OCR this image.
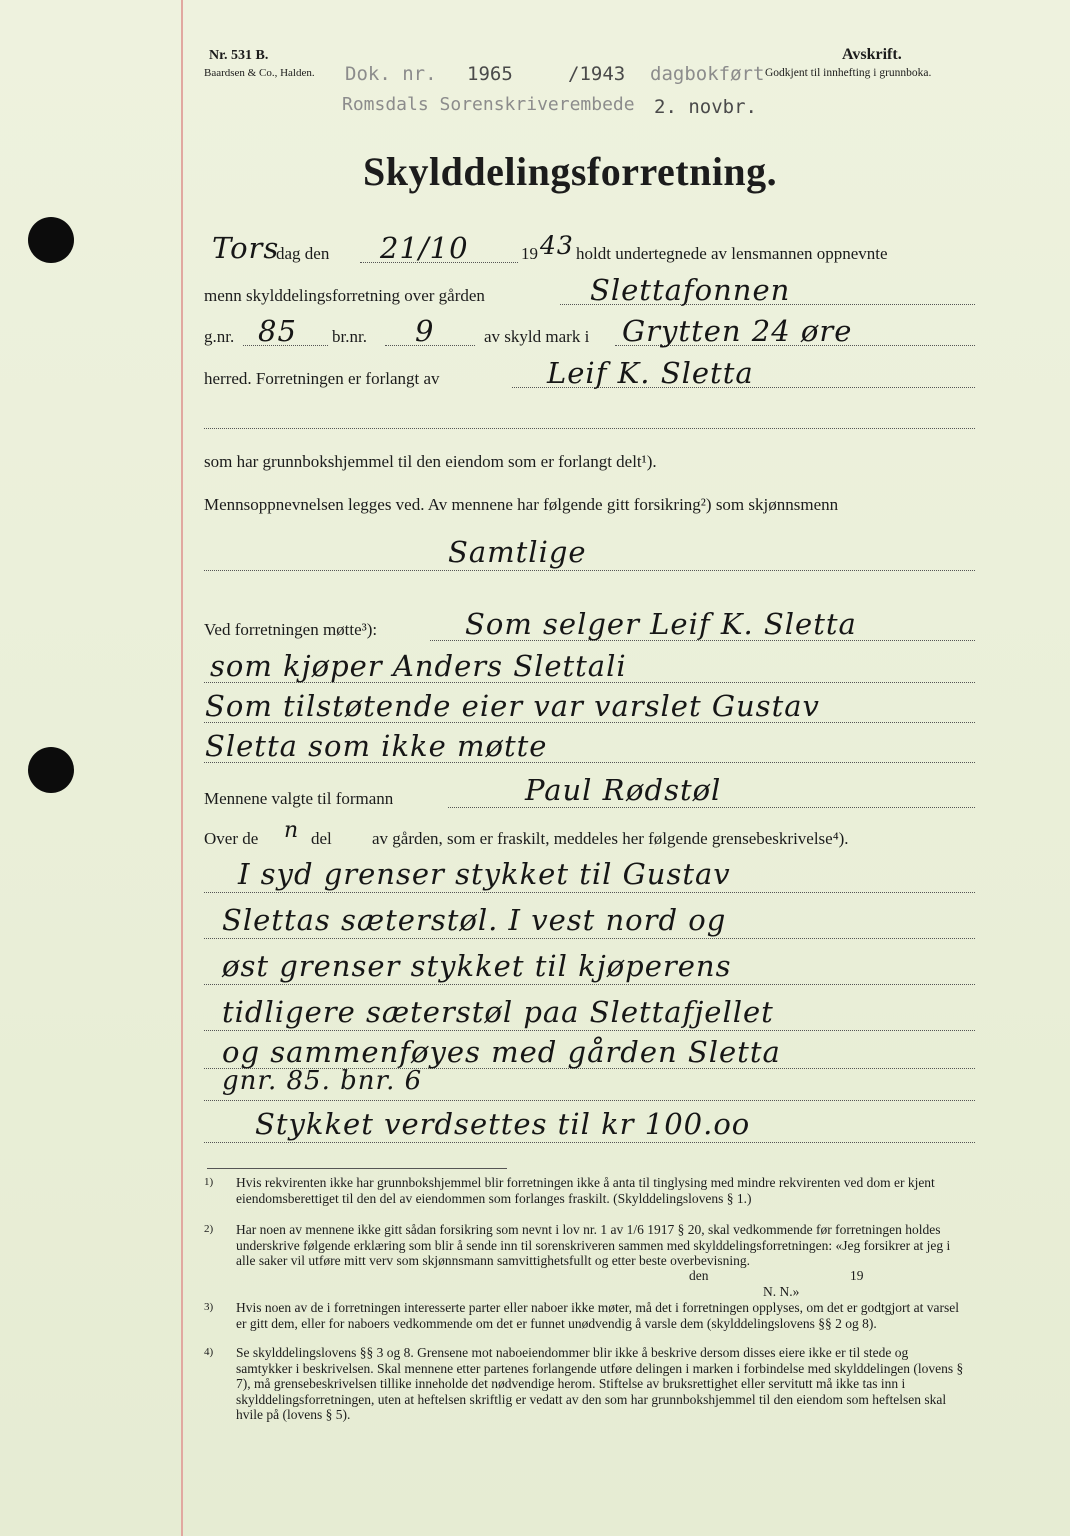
Nr. 531 B.
Baardsen & Co., Halden.
Avskrift.
Godkjent til innhefting i grunnboka.
Dok. nr. 1965	/1943 dagbokført
Romsdals Sorenskriverembede 2. novbr.
Skylddelingsforretning.
Tors
dag den 21/10	19 43 holdt undertegnede av lensmannen oppnevnte
menn skylddelingsforretning over gården	Slettafonnen
g.nr. 85 br.nr. 9	av skyld mark i Grytten 24 øre
herred. Forretningen er forlangt av	Leif K. Sletta
som har grunnbokshjemmel til den eiendom som er forlangt delt¹).
Mennsoppnevnelsen legges ved. Av mennene har følgende gitt forsikring²) som skjønnsmenn
Samtlige
Ved forretningen møtte³):	Som selger Leif K. Sletta
som kjøper Anders Slettali
Som tilstøtende eier var varslet Gustav
Sletta som ikke møtte
Mennene valgte til formann	Paul Rødstøl
Over de n del av gården, som er fraskilt, meddeles her følgende grensebeskrivelse⁴).
I syd grenser stykket til Gustav
Slettas sæterstøl. I vest nord og
øst grenser stykket til kjøperens
tidligere sæterstøl paa Slettafjellet
og sammenføyes med gården Sletta
gnr. 85. bnr. 6
Stykket verdsettes til kr 100.oo
1) Hvis rekvirenten ikke har grunnbokshjemmel blir forretningen ikke å anta til tinglysing med mindre rekvirenten ved dom er kjent eiendomsberettiget til den del av eiendommen som forlanges fraskilt. (Skylddelingslovens § 1.)
2) Har noen av mennene ikke gitt sådan forsikring som nevnt i lov nr. 1 av 1/6 1917 § 20, skal vedkommende før forretningen holdes underskrive følgende erklæring som blir å sende inn til sorenskriveren sammen med skylddelingsforretningen: «Jeg forsikrer at jeg i alle saker vil utføre mitt verv som skjønnsmann samvittighetsfullt og etter beste overbevisning.
den	19
N. N.»
3) Hvis noen av de i forretningen interesserte parter eller naboer ikke møter, må det i forretningen opplyses, om det er godtgjort at varsel er gitt dem, eller for naboers vedkommende om det er funnet unødvendig å varsle dem (skylddelingslovens §§ 2 og 8).
4) Se skylddelingslovens §§ 3 og 8. Grensene mot naboeiendommer blir ikke å beskrive dersom disses eiere ikke er til stede og samtykker i beskrivelsen. Skal mennene etter partenes forlangende utføre delingen i marken i forbindelse med skylddelingen (lovens § 7), må grensebeskrivelsen tillike inneholde det nødvendige herom. Stiftelse av bruksrettighet eller servitutt må ikke tas inn i skylddelingsforretningen, uten at heftelsen skriftlig er vedatt av den som har grunnbokshjemmel til den eiendom som heftelsen skal hvile på (lovens § 5).
